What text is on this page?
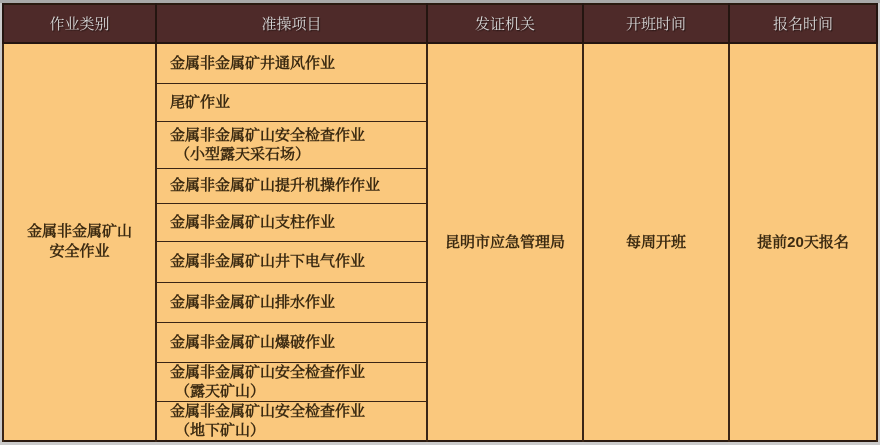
作业类别	准操项目	发证机关	开班时间	报名时间

金属非金属矿山
安全作业	金属非金属矿井通风作业	昆明市应急管理局	每周开班	提前20天报名

	尾矿作业			

	金属非金属矿山安全检查作业
（小型露天采石场）			

	金属非金属矿山提升机操作作业			

	金属非金属矿山支柱作业			

	金属非金属矿山井下电气作业			

	金属非金属矿山排水作业			

	金属非金属矿山爆破作业			

	金属非金属矿山安全检查作业
（露天矿山）			

	金属非金属矿山安全检查作业
（地下矿山）			
